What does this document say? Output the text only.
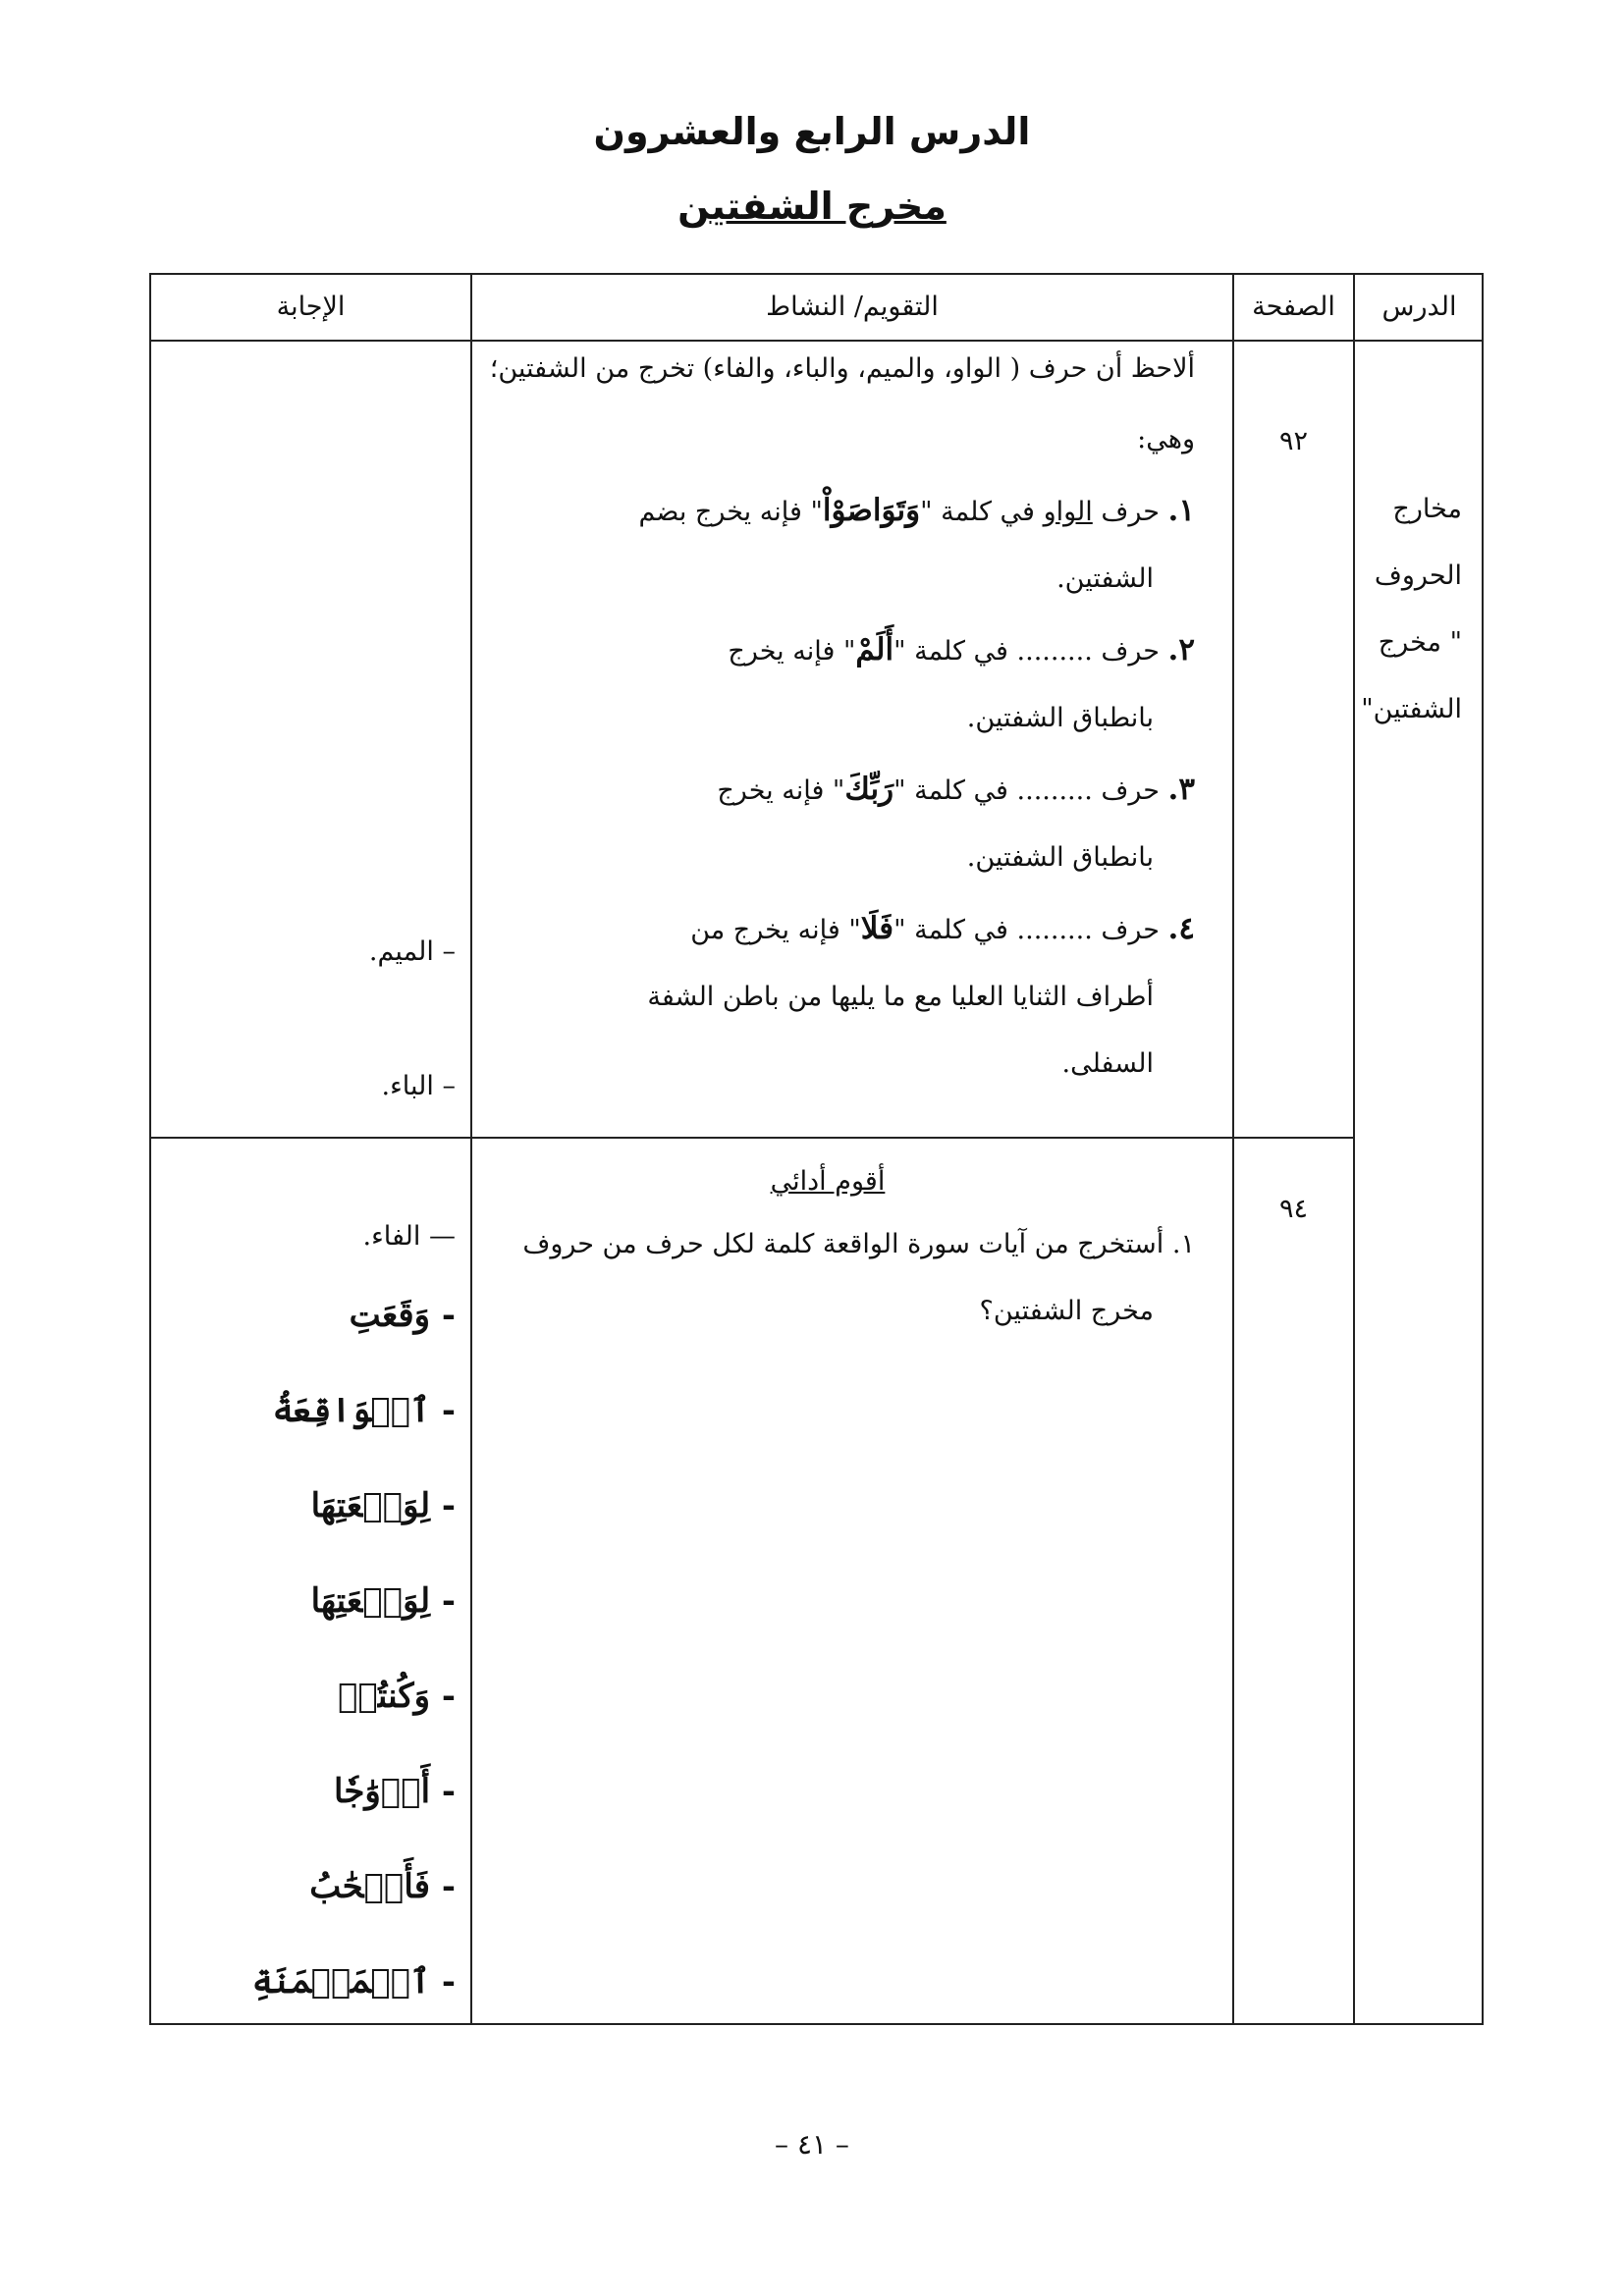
الدرس الرابع والعشرون
مخرج الشفتين
الدرس
الصفحة
التقويم/ النشاط
الإجابة
مخارج
الحروف
" مخرج
الشفتين"
٩٢
٩٤

ألاحظ أن حرف ( الواو، والميم، والباء، والفاء) تخرج من الشفتين؛

وهي:

١. حرف الواو في كلمة "وَتَوَاصَوْاْ" فإنه يخرج بضم

الشفتين.

٢. حرف ......... في كلمة "أَلَمْ" فإنه يخرج

بانطباق الشفتين.

٣. حرف ......... في كلمة "رَبِّكَ" فإنه يخرج

بانطباق الشفتين.

٤. حرف ......... في كلمة "فَلَا" فإنه يخرج من

أطراف الثنايا العليا مع ما يليها من باطن الشفة

السفلى.

– الميم.
– الباء.
— الفاء.

أقوم أدائي

١. أستخرج من آيات سورة الواقعة كلمة لكل حرف من حروف

مخرج الشفتين؟

- وَقَعَتِ
- ٱلۡوَاقِعَةُ
- لِوَقۡعَتِهَا
- لِوَقۡعَتِهَا
- وَكُنتُمۡ
- أَزۡوَٰجٗا
- فَأَصۡحَٰبُ
- ٱلۡمَيۡمَنَةِ
– ٤١ –
